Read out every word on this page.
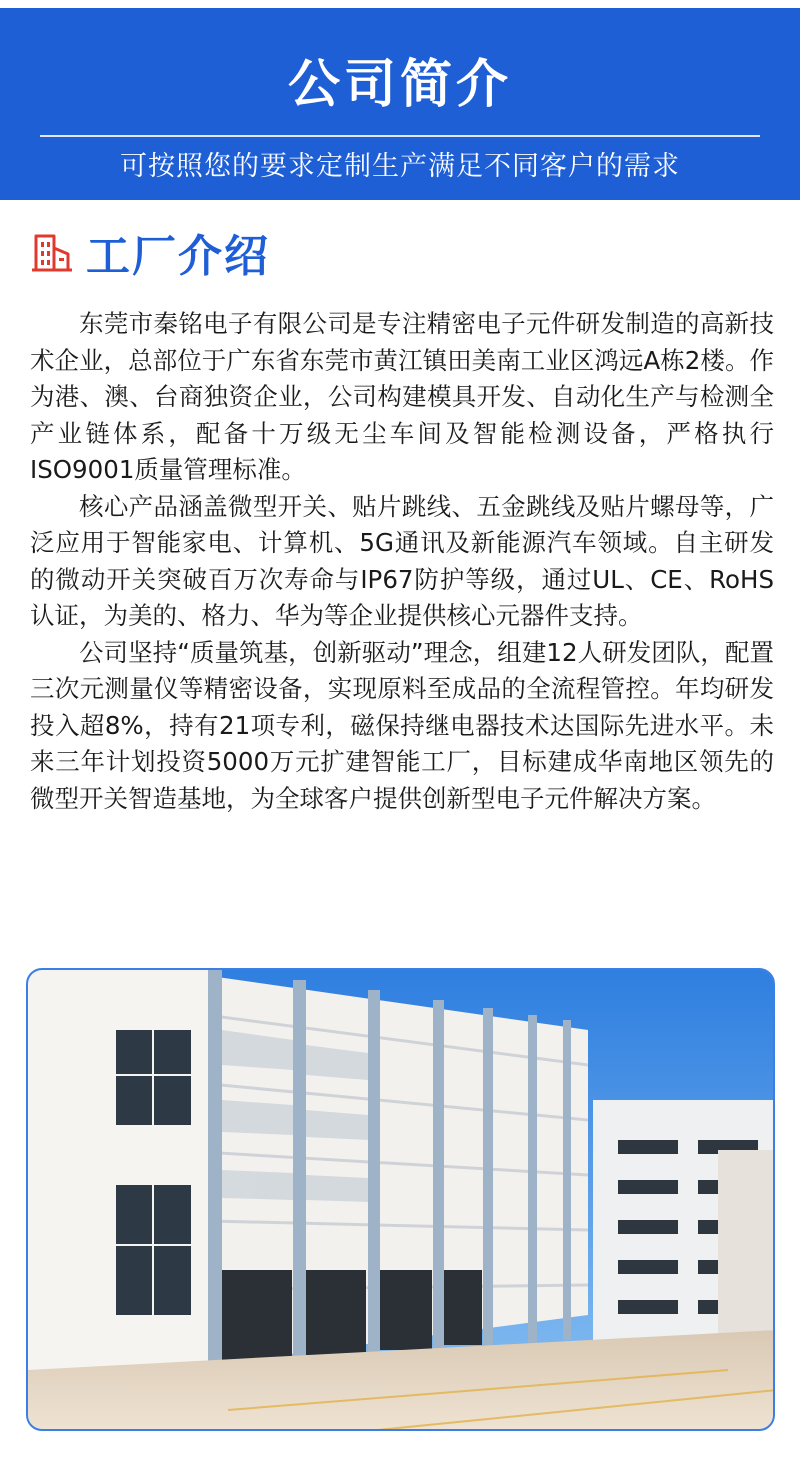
公司简介
可按照您的要求定制生产满足不同客户的需求
工厂介绍

东莞市秦铭电子有限公司是专注精密电子元件研发制造的高新技术企业，总部位于广东省东莞市黄江镇田美南工业区鸿远A栋2楼。作为港、澳、台商独资企业，公司构建模具开发、自动化生产与检测全产业链体系，配备十万级无尘车间及智能检测设备，严格执行ISO9001质量管理标准。

核心产品涵盖微型开关、贴片跳线、五金跳线及贴片螺母等，广泛应用于智能家电、计算机、5G通讯及新能源汽车领域。自主研发的微动开关突破百万次寿命与IP67防护等级，通过UL、CE、RoHS认证，为美的、格力、华为等企业提供核心元器件支持。

公司坚持“质量筑基，创新驱动”理念，组建12人研发团队，配置三次元测量仪等精密设备，实现原料至成品的全流程管控。年均研发投入超8%，持有21项专利，磁保持继电器技术达国际先进水平。未来三年计划投资5000万元扩建智能工厂，目标建成华南地区领先的微型开关智造基地，为全球客户提供创新型电子元件解决方案。
